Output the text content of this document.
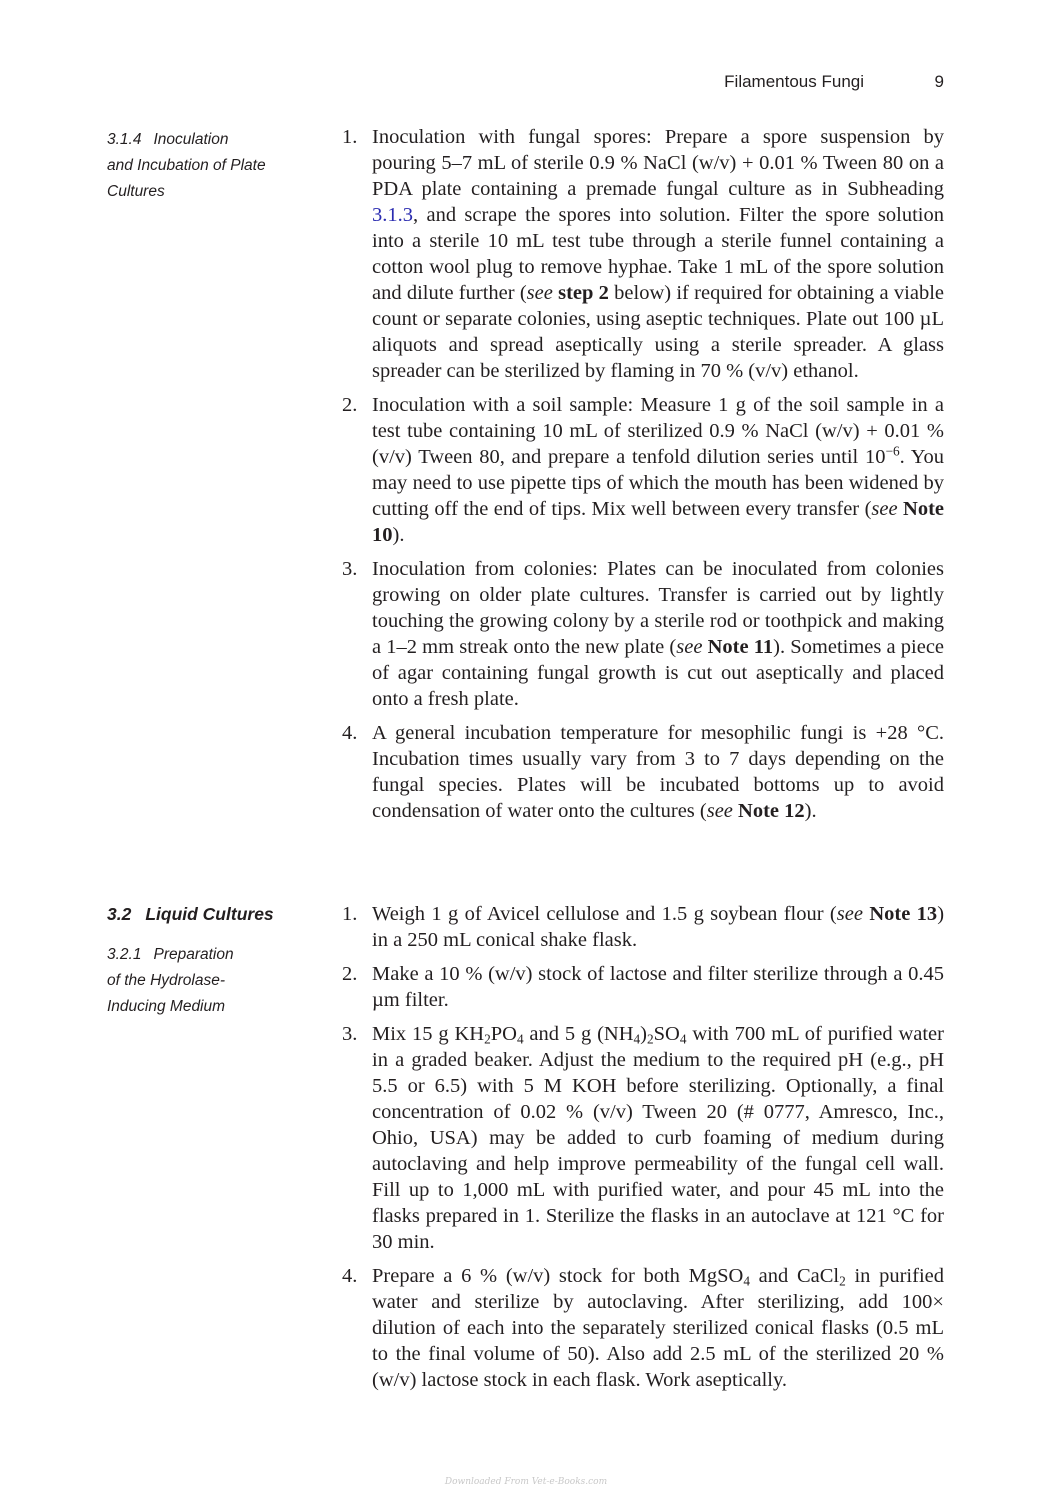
Filamentous Fungi	9
3.1.4 Inoculation
and Incubation of Plate
Cultures
1. Inoculation with fungal spores: Prepare a spore suspension by pouring 5–7 mL of sterile 0.9 % NaCl (w/v) + 0.01 % Tween 80 on a PDA plate containing a premade fungal culture as in Subheading 3.1.3, and scrape the spores into solution. Filter the spore solution into a sterile 10 mL test tube through a sterile funnel containing a cotton wool plug to remove hyphae. Take 1 mL of the spore solution and dilute further (see step 2 below) if required for obtaining a viable count or separate colonies, using aseptic techniques. Plate out 100 µL aliquots and spread aseptically using a sterile spreader. A glass spreader can be sterilized by flaming in 70 % (v/v) ethanol.
2. Inoculation with a soil sample: Measure 1 g of the soil sample in a test tube containing 10 mL of sterilized 0.9 % NaCl (w/v) + 0.01 % (v/v) Tween 80, and prepare a tenfold dilution series until $10^{-6}$. You may need to use pipette tips of which the mouth has been widened by cutting off the end of tips. Mix well between every transfer (see Note 10).
3. Inoculation from colonies: Plates can be inoculated from colonies growing on older plate cultures. Transfer is carried out by lightly touching the growing colony by a sterile rod or toothpick and making a 1–2 mm streak onto the new plate (see Note 11). Sometimes a piece of agar containing fungal growth is cut out aseptically and placed onto a fresh plate.
4. A general incubation temperature for mesophilic fungi is +28 °C. Incubation times usually vary from 3 to 7 days depending on the fungal species. Plates will be incubated bottoms up to avoid condensation of water onto the cultures (see Note 12).
3.2 Liquid Cultures
3.2.1 Preparation
of the Hydrolase-
Inducing Medium
1. Weigh 1 g of Avicel cellulose and 1.5 g soybean flour (see Note 13) in a 250 mL conical shake flask.
2. Make a 10 % (w/v) stock of lactose and filter sterilize through a 0.45 µm filter.
3. Mix 15 g $KH_2PO_4$ and 5 g $(NH_4)_2SO_4$ with 700 mL of purified water in a graded beaker. Adjust the medium to the required pH (e.g., pH 5.5 or 6.5) with 5 M KOH before sterilizing. Optionally, a final concentration of 0.02 % (v/v) Tween 20 (# 0777, Amresco, Inc., Ohio, USA) may be added to curb foaming of medium during autoclaving and help improve permeability of the fungal cell wall. Fill up to 1,000 mL with purified water, and pour 45 mL into the flasks prepared in 1. Sterilize the flasks in an autoclave at 121 °C for 30 min.
4. Prepare a 6 % (w/v) stock for both MgSO$_4$ and CaCl$_2$ in purified water and sterilize by autoclaving. After sterilizing, add 100× dilution of each into the separately sterilized conical flasks (0.5 mL to the final volume of 50). Also add 2.5 mL of the sterilized 20 % (w/v) lactose stock in each flask. Work aseptically.
Downloaded From Vet-e-Books.com
